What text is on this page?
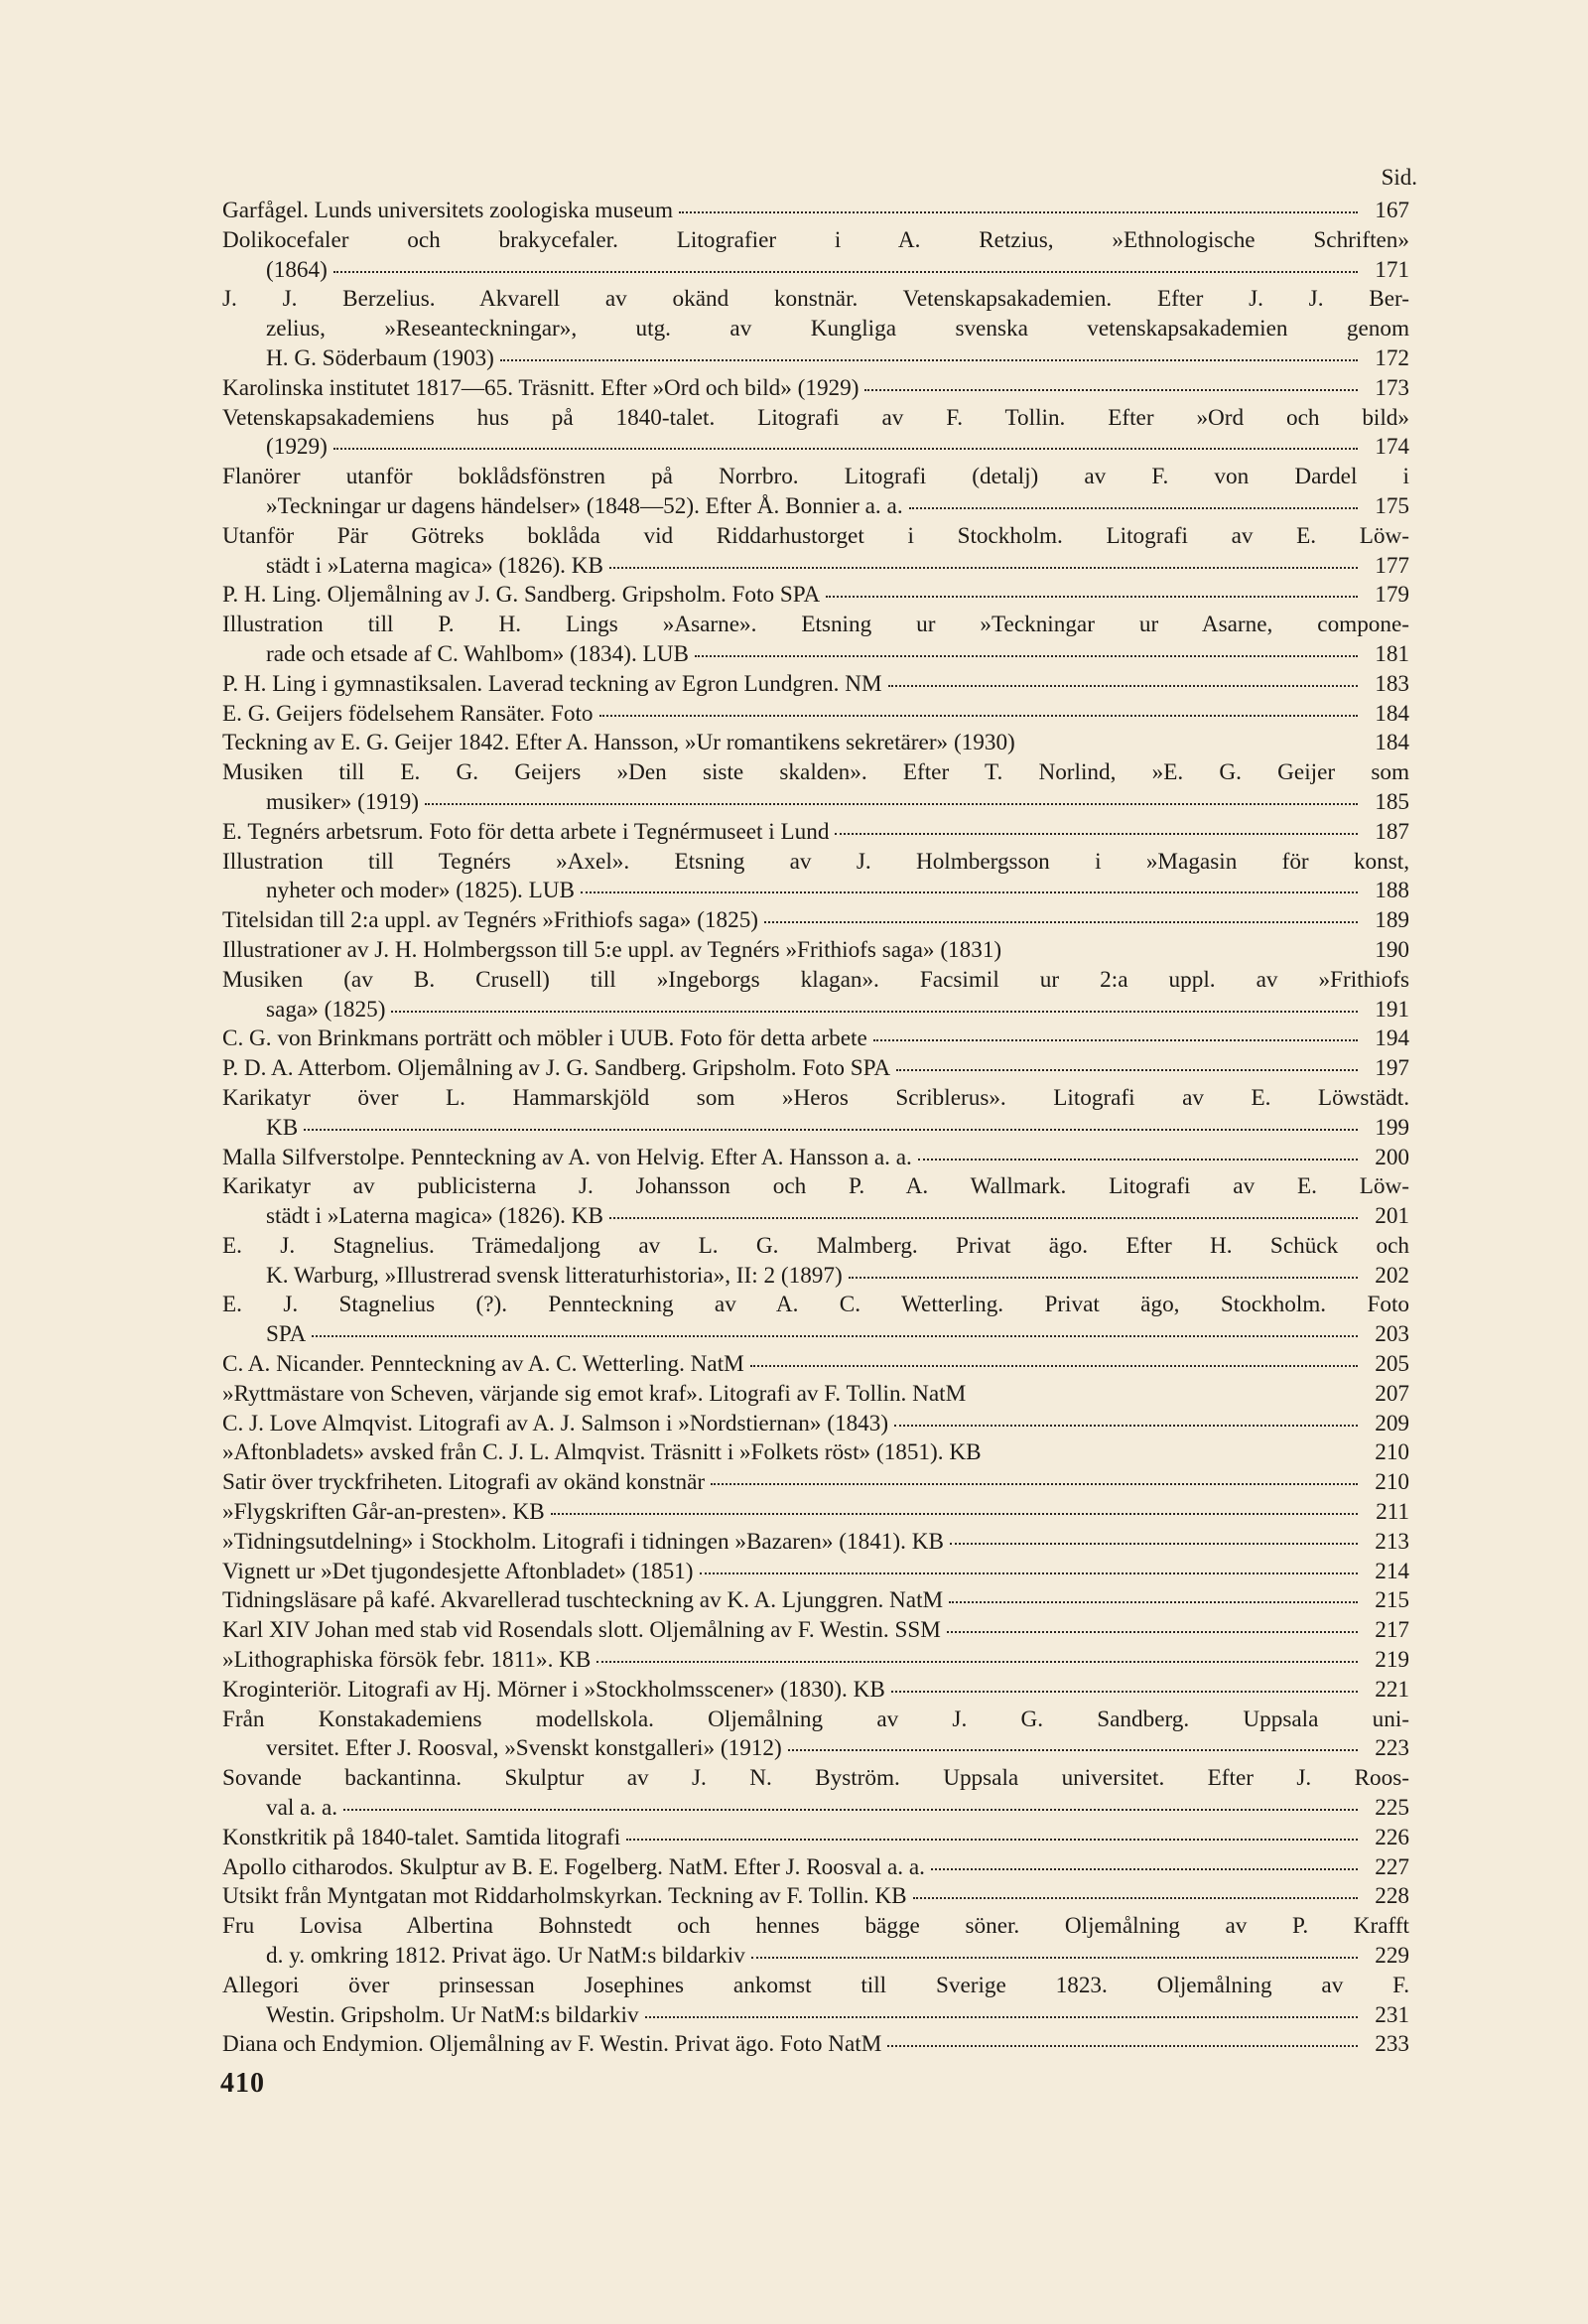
Sid.
Garfågel. Lunds universitets zoologiska museum	167
Dolikocefaler och brakycefaler. Litografier i A. Retzius, »Ethnologische Schriften»
(1864)	171
J. J. Berzelius. Akvarell av okänd konstnär. Vetenskapsakademien. Efter J. J. Ber-
zelius, »Reseanteckningar», utg. av Kungliga svenska vetenskapsakademien genom
H. G. Söderbaum (1903)	172
Karolinska institutet 1817—65. Träsnitt. Efter »Ord och bild» (1929)	173
Vetenskapsakademiens hus på 1840-talet. Litografi av F. Tollin. Efter »Ord och bild»
(1929)	174
Flanörer utanför boklådsfönstren på Norrbro. Litografi (detalj) av F. von Dardel i
»Teckningar ur dagens händelser» (1848—52). Efter Å. Bonnier a. a.	175
Utanför Pär Götreks boklåda vid Riddarhustorget i Stockholm. Litografi av E. Löw-
städt i »Laterna magica» (1826). KB	177
P. H. Ling. Oljemålning av J. G. Sandberg. Gripsholm. Foto SPA	179
Illustration till P. H. Lings »Asarne». Etsning ur »Teckningar ur Asarne, compone-
rade och etsade af C. Wahlbom» (1834). LUB	181
P. H. Ling i gymnastiksalen. Laverad teckning av Egron Lundgren. NM	183
E. G. Geijers födelsehem Ransäter. Foto	184
Teckning av E. G. Geijer 1842. Efter A. Hansson, »Ur romantikens sekretärer» (1930)	184
Musiken till E. G. Geijers »Den siste skalden». Efter T. Norlind, »E. G. Geijer som
musiker» (1919)	185
E. Tegnérs arbetsrum. Foto för detta arbete i Tegnérmuseet i Lund	187
Illustration till Tegnérs »Axel». Etsning av J. Holmbergsson i »Magasin för konst,
nyheter och moder» (1825). LUB	188
Titelsidan till 2:a uppl. av Tegnérs »Frithiofs saga» (1825)	189
Illustrationer av J. H. Holmbergsson till 5:e uppl. av Tegnérs »Frithiofs saga» (1831)	190
Musiken (av B. Crusell) till »Ingeborgs klagan». Facsimil ur 2:a uppl. av »Frithiofs
saga» (1825)	191
C. G. von Brinkmans porträtt och möbler i UUB. Foto för detta arbete	194
P. D. A. Atterbom. Oljemålning av J. G. Sandberg. Gripsholm. Foto SPA	197
Karikatyr över L. Hammarskjöld som »Heros Scriblerus». Litografi av E. Löwstädt.
KB	199
Malla Silfverstolpe. Pennteckning av A. von Helvig. Efter A. Hansson a. a.	200
Karikatyr av publicisterna J. Johansson och P. A. Wallmark. Litografi av E. Löw-
städt i »Laterna magica» (1826). KB	201
E. J. Stagnelius. Trämedaljong av L. G. Malmberg. Privat ägo. Efter H. Schück och
K. Warburg, »Illustrerad svensk litteraturhistoria», II: 2 (1897)	202
E. J. Stagnelius (?). Pennteckning av A. C. Wetterling. Privat ägo, Stockholm. Foto
SPA	203
C. A. Nicander. Pennteckning av A. C. Wetterling. NatM	205
»Ryttmästare von Scheven, värjande sig emot kraf». Litografi av F. Tollin. NatM	207
C. J. Love Almqvist. Litografi av A. J. Salmson i »Nordstiernan» (1843)	209
»Aftonbladets» avsked från C. J. L. Almqvist. Träsnitt i »Folkets röst» (1851). KB	210
Satir över tryckfriheten. Litografi av okänd konstnär	210
»Flygskriften Går-an-presten». KB	211
»Tidningsutdelning» i Stockholm. Litografi i tidningen »Bazaren» (1841). KB	213
Vignett ur »Det tjugondesjette Aftonbladet» (1851)	214
Tidningsläsare på kafé. Akvarellerad tuschteckning av K. A. Ljunggren. NatM	215
Karl XIV Johan med stab vid Rosendals slott. Oljemålning av F. Westin. SSM	217
»Lithographiska försök febr. 1811». KB	219
Kroginteriör. Litografi av Hj. Mörner i »Stockholmsscener» (1830). KB	221
Från Konstakademiens modellskola. Oljemålning av J. G. Sandberg. Uppsala uni-
versitet. Efter J. Roosval, »Svenskt konstgalleri» (1912)	223
Sovande backantinna. Skulptur av J. N. Byström. Uppsala universitet. Efter J. Roos-
val a. a.	225
Konstkritik på 1840-talet. Samtida litografi	226
Apollo citharodos. Skulptur av B. E. Fogelberg. NatM. Efter J. Roosval a. a.	227
Utsikt från Myntgatan mot Riddarholmskyrkan. Teckning av F. Tollin. KB	228
Fru Lovisa Albertina Bohnstedt och hennes bägge söner. Oljemålning av P. Krafft
d. y. omkring 1812. Privat ägo. Ur NatM:s bildarkiv	229
Allegori över prinsessan Josephines ankomst till Sverige 1823. Oljemålning av F.
Westin. Gripsholm. Ur NatM:s bildarkiv	231
Diana och Endymion. Oljemålning av F. Westin. Privat ägo. Foto NatM	233
410
